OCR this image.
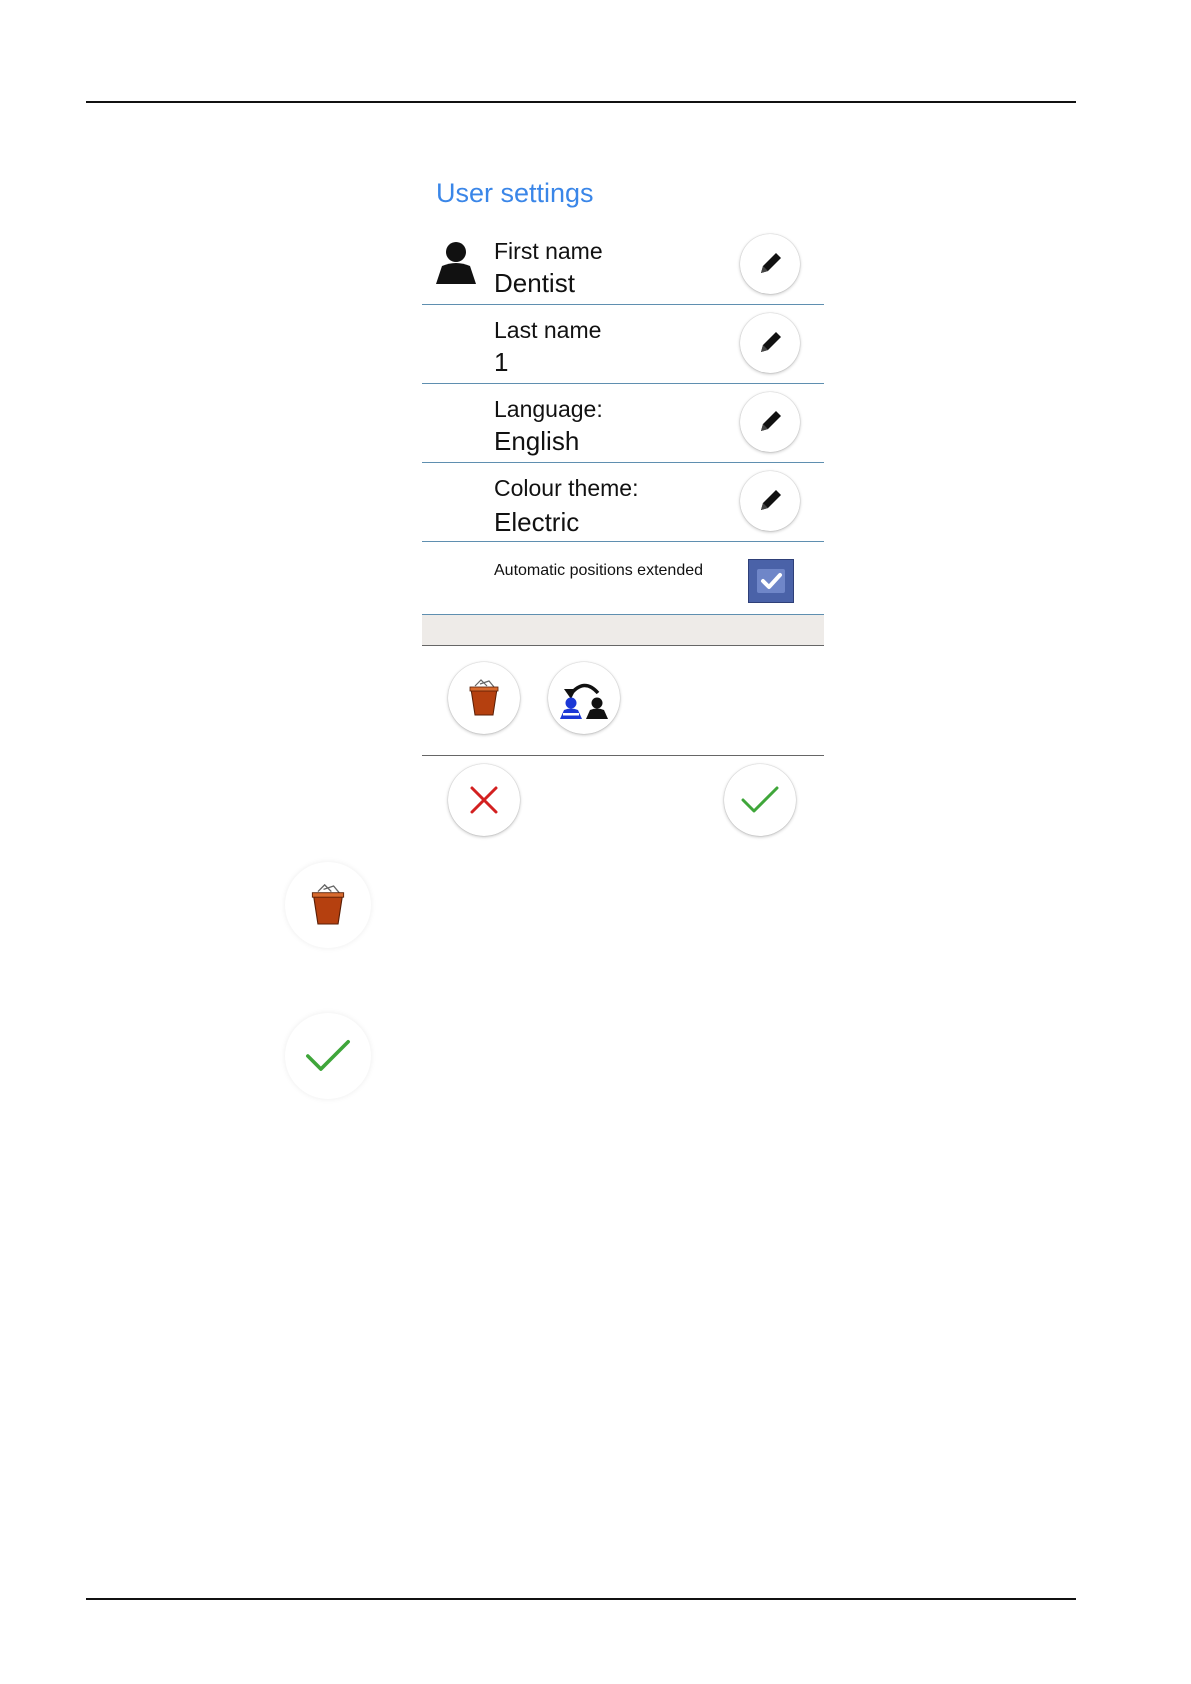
User settings
First name
Dentist
Last name
1
Language:
English
Colour theme:
Electric
Automatic positions extended
